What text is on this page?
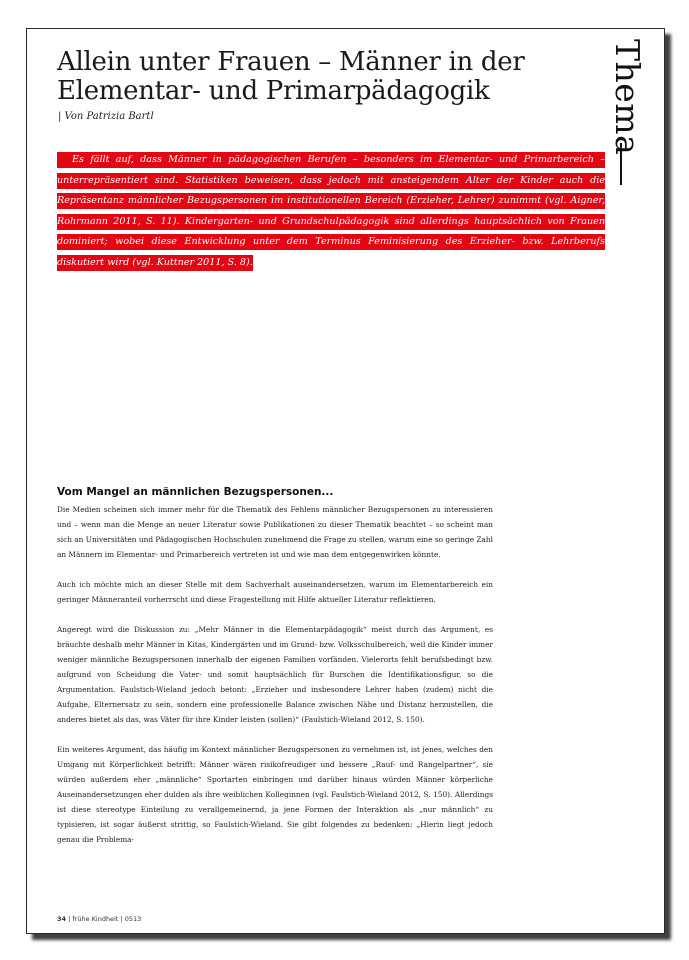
Allein unter Frauen – Männer in der Elementar- und Primarpädagogik
| Von Patrizia Bartl	Thema

Es fällt auf, dass Männer in pädagogischen Berufen – besonders im Elementar- und Primarbereich – unterrepräsentiert sind. Statistiken beweisen, dass jedoch mit ansteigendem Alter der Kinder auch die Repräsentanz männlicher Bezugspersonen im institutionellen Bereich (Erzieher, Lehrer) zunimmt (vgl. Aigner, Rohrmann 2011, S. 11). Kindergarten- und Grundschulpädagogik sind allerdings hauptsächlich von Frauen dominiert; wobei diese Entwicklung unter dem Terminus Feminisierung des Erzieher- bzw. Lehrberufs diskutiert wird (vgl. Kuttner 2011, S. 8).

Vom Mangel an männlichen Bezugspersonen...

Die Medien scheinen sich immer mehr für die Thematik des Fehlens männlicher Bezugspersonen zu interessieren und – wenn man die Menge an neuer Literatur sowie Publikationen zu dieser Thematik beachtet – so scheint man sich an Universitäten und Pädagogischen Hochschulen zunehmend die Frage zu stellen, warum eine so geringe Zahl an Männern im Elementar- und Primarbereich vertreten ist und wie man dem entgegenwirken könnte.

Auch ich möchte mich an dieser Stelle mit dem Sachverhalt auseinandersetzen, warum im Elementarbereich ein geringer Männeranteil vorherrscht und diese Fragestellung mit Hilfe aktueller Literatur reflektieren.

Angeregt wird die Diskussion zu: „Mehr Männer in die Elementarpädagogik“ meist durch das Argument, es bräuchte deshalb mehr Männer in Kitas, Kindergärten und im Grund- bzw. Volksschulbereich, weil die Kinder immer weniger männliche Bezugspersonen innerhalb der eigenen Familien vorfänden. Vielerorts fehlt berufsbedingt bzw. aufgrund von Scheidung die Vater- und somit hauptsächlich für Burschen die Identifikationsfigur, so die Argumentation. Faulstich-Wieland jedoch betont: „Erzieher und insbesondere Lehrer haben (zudem) nicht die Aufgabe, Elternersatz zu sein, sondern eine professionelle Balance zwischen Nähe und Distanz herzustellen, die anderes bietet als das, was Väter für ihre Kinder leisten (sollen)“ (Faulstich-Wieland 2012, S. 150).

Ein weiteres Argument, das häufig im Kontext männlicher Bezugspersonen zu vernehmen ist, ist jenes, welches den Umgang mit Körperlichkeit betrifft: Männer wären risikofreudiger und bessere „Rauf- und Rangelpartner“, sie würden außerdem eher „männliche“ Sportarten einbringen und darüber hinaus würden Männer körperliche Auseinandersetzungen eher dulden als ihre weiblichen Kolleginnen (vgl. Faulstich-Wieland 2012, S. 150). Allerdings ist diese stereotype Einteilung zu verallgemeinernd, ja jene Formen der Interaktion als „nur männlich“ zu typisieren, ist sogar äußerst strittig, so Faulstich-Wieland. Sie gibt folgendes zu bedenken: „Hierin liegt jedoch genau die Problema-

34 | frühe Kindheit | 0513
